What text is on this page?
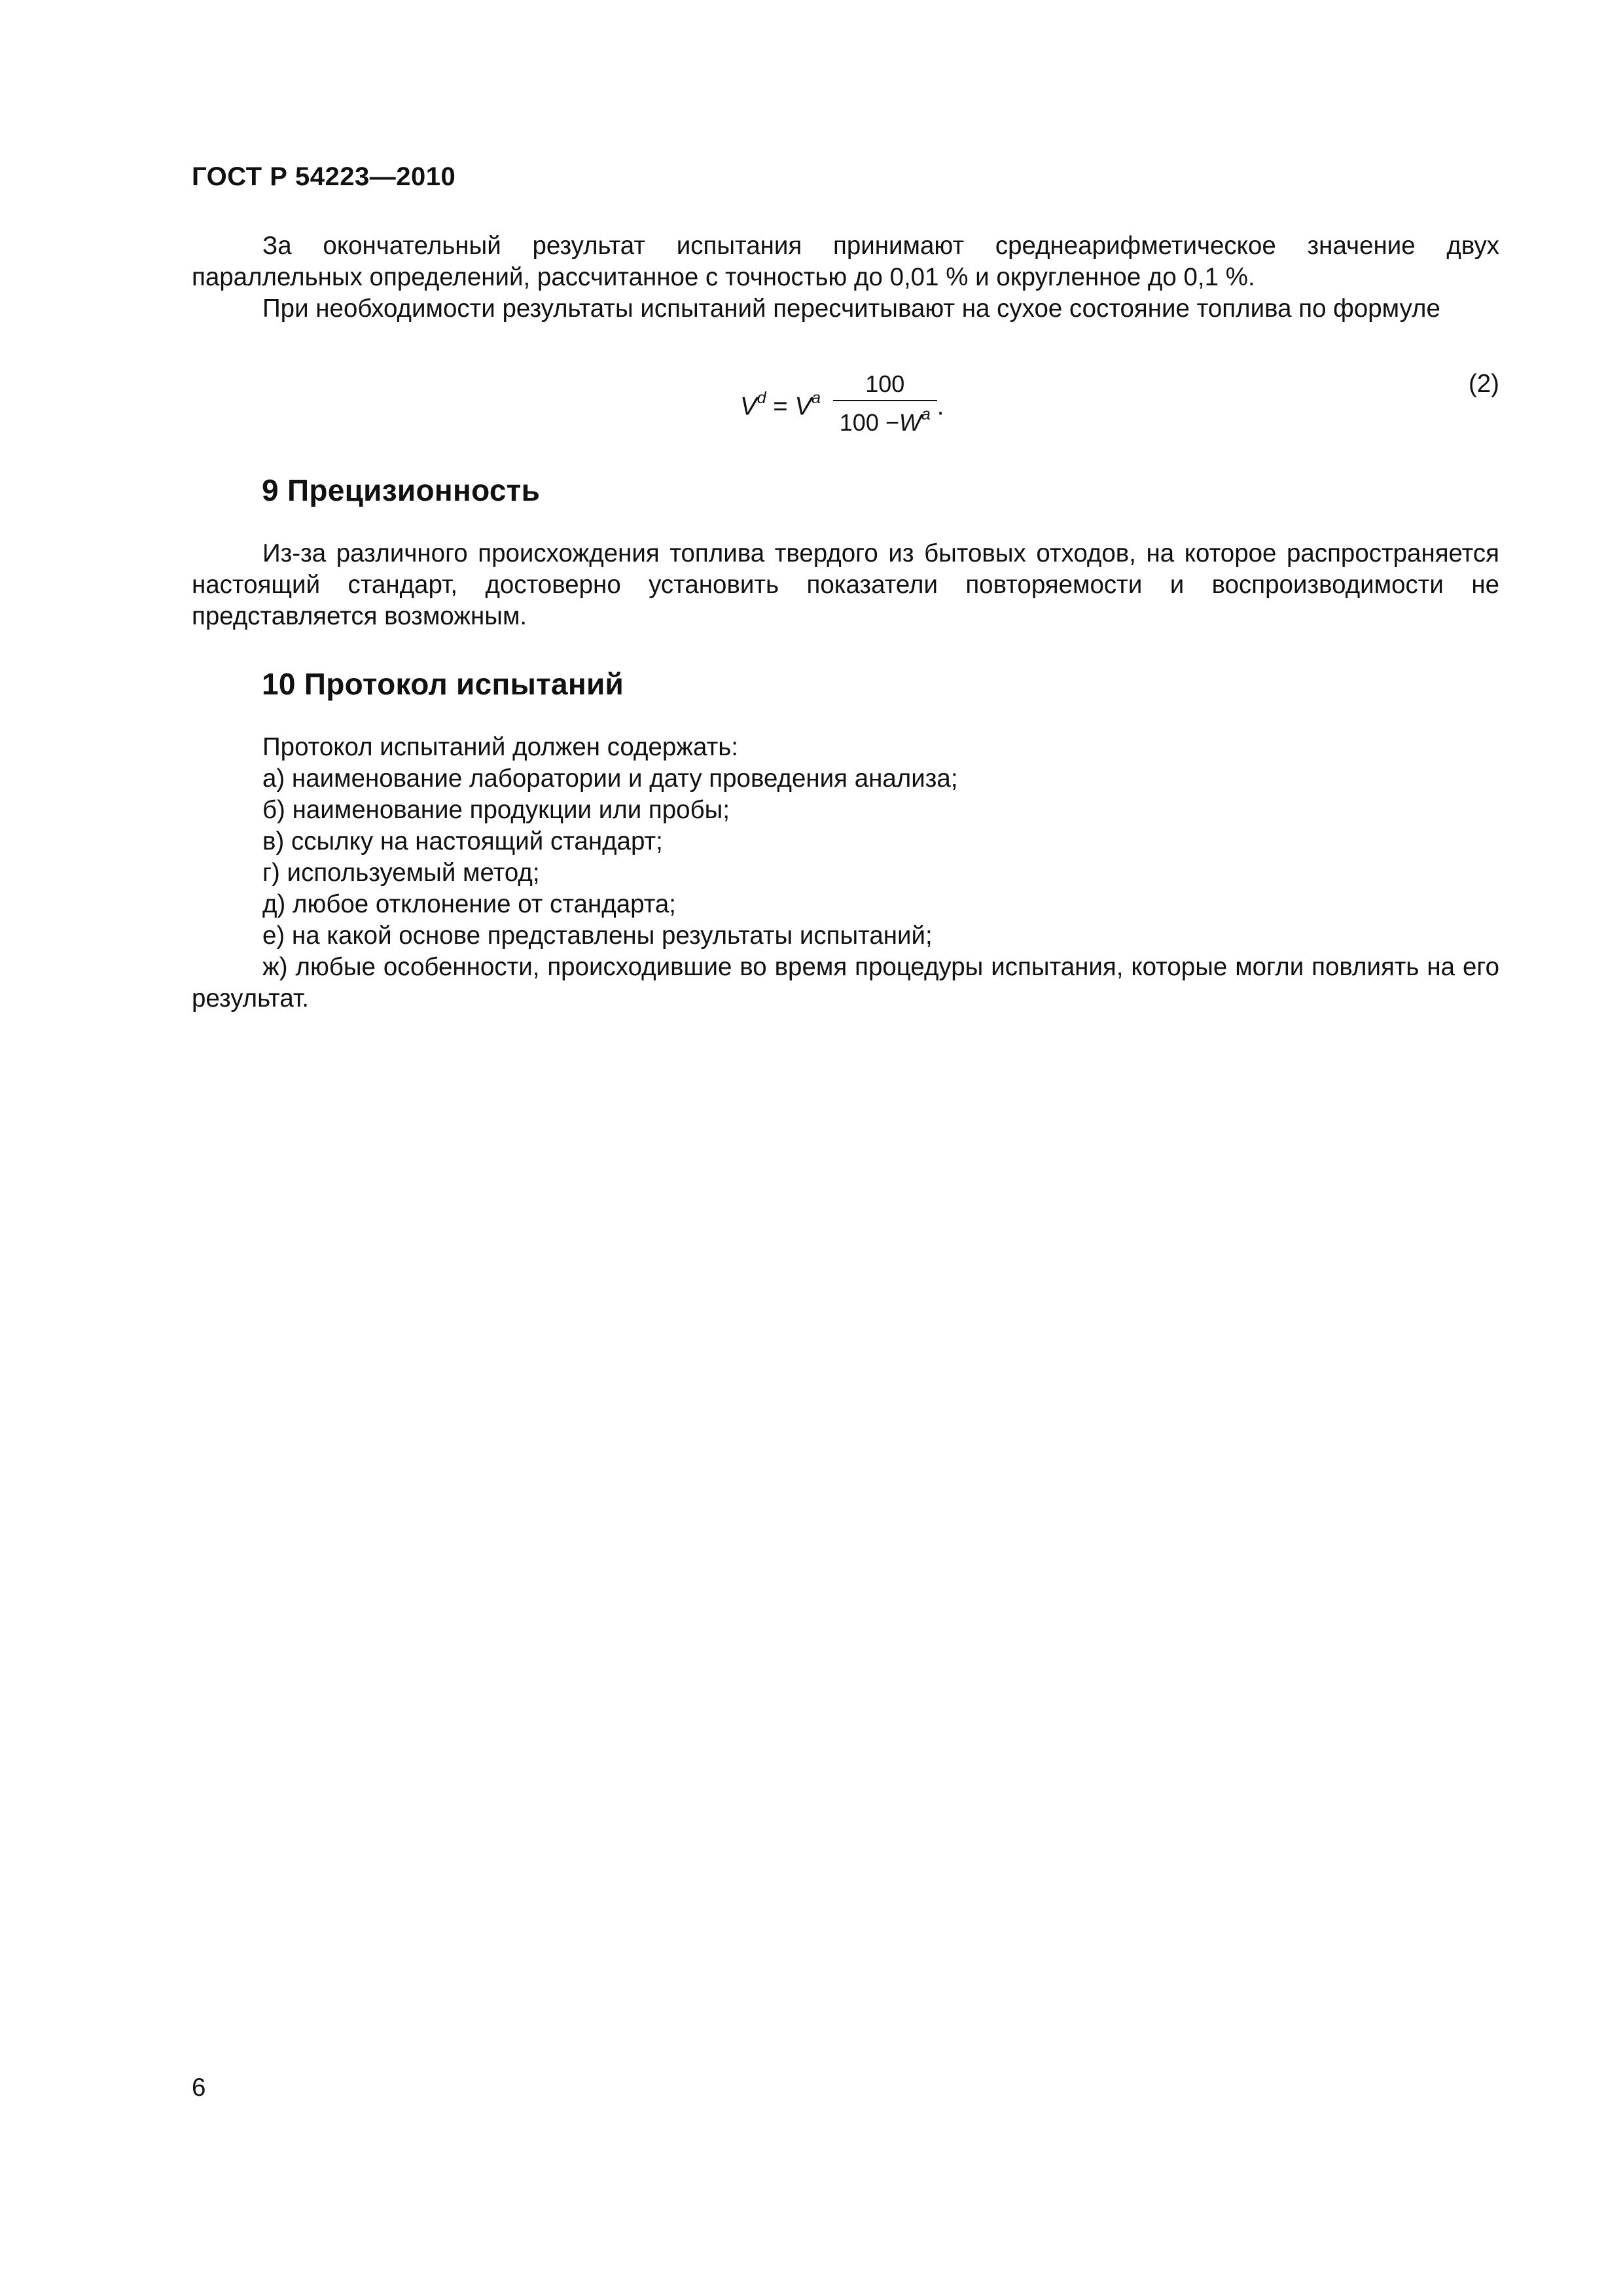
ГОСТ Р 54223—2010

За окончательный результат испытания принимают среднеарифметическое значение двух параллельных определений, рассчитанное с точностью до 0,01 % и округленное до 0,1 %.

При необходимости результаты испытаний пересчитывают на сухое состояние топлива по формуле

$V^d = V^a \frac{100}{100 -W^a}$ .
(2)
9 Прецизионность

Из-за различного происхождения топлива твердого из бытовых отходов, на которое распространяется настоящий стандарт, достоверно установить показатели повторяемости и воспроизводимости не представляется возможным.

10 Протокол испытаний

Протокол испытаний должен содержать:

а) наименование лаборатории и дату проведения анализа;

б) наименование продукции или пробы;

в) ссылку на настоящий стандарт;

г) используемый метод;

д) любое отклонение от стандарта;

е) на какой основе представлены результаты испытаний;

ж) любые особенности, происходившие во время процедуры испытания, которые могли повлиять на его результат.

6
